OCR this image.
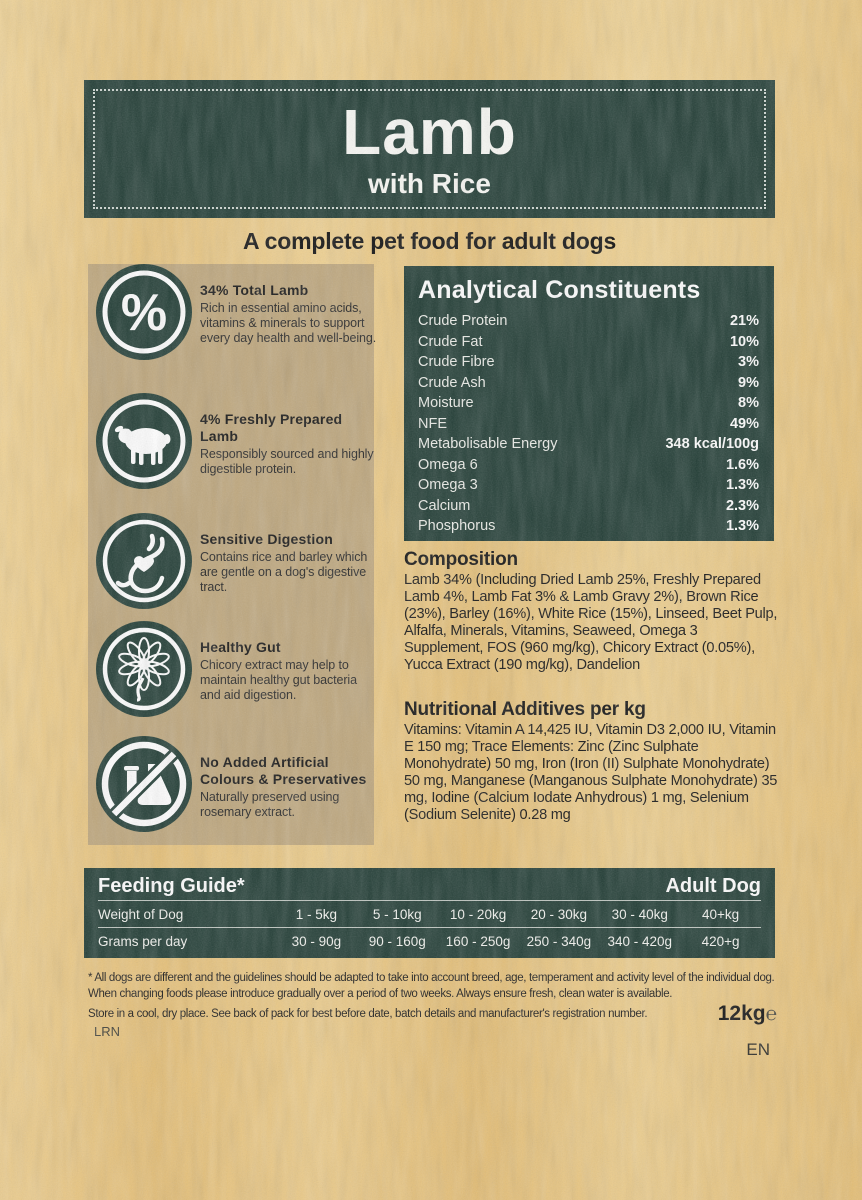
Lamb
with Rice
A complete pet food for adult dogs
% 34% Total Lamb
Rich in essential amino acids, vitamins & minerals to support every day health and well-being.
4% Freshly Prepared Lamb
Responsibly sourced and highly digestible protein.
Sensitive Digestion
Contains rice and barley which are gentle on a dog's digestive tract.
Healthy Gut
Chicory extract may help to maintain healthy gut bacteria and aid digestion.
No Added Artificial Colours & Preservatives
Naturally preserved using rosemary extract.
Analytical Constituents
Crude Protein	21%
Crude Fat	10%
Crude Fibre	3%
Crude Ash	9%
Moisture	8%
NFE	49%
Metabolisable Energy	348 kcal/100g
Omega 6	1.6%
Omega 3	1.3%
Calcium	2.3%
Phosphorus	1.3%
Composition
Lamb 34% (Including Dried Lamb 25%, Freshly Prepared Lamb 4%, Lamb Fat 3% & Lamb Gravy 2%), Brown Rice (23%), Barley (16%), White Rice (15%), Linseed, Beet Pulp, Alfalfa, Minerals, Vitamins, Seaweed, Omega 3 Supplement, FOS (960 mg/kg), Chicory Extract (0.05%), Yucca Extract (190 mg/kg), Dandelion
Nutritional Additives per kg
Vitamins: Vitamin A 14,425 IU, Vitamin D3 2,000 IU, Vitamin E 150 mg; Trace Elements: Zinc (Zinc Sulphate Monohydrate) 50 mg, Iron (Iron (II) Sulphate Monohydrate) 50 mg, Manganese (Manganous Sulphate Monohydrate) 35 mg, Iodine (Calcium Iodate Anhydrous) 1 mg, Selenium (Sodium Selenite) 0.28 mg
Feeding Guide*	Adult Dog
Weight of Dog	1 - 5kg	5 - 10kg	10 - 20kg	20 - 30kg	30 - 40kg	40+kg
Grams per day	30 - 90g	90 - 160g	160 - 250g	250 - 340g	340 - 420g	420+g
* All dogs are different and the guidelines should be adapted to take into account breed, age, temperament and activity level of the individual dog. When changing foods please introduce gradually over a period of two weeks. Always ensure fresh, clean water is available.
Store in a cool, dry place. See back of pack for best before date, batch details and manufacturer's registration number.
LRN
12kg℮
EN
